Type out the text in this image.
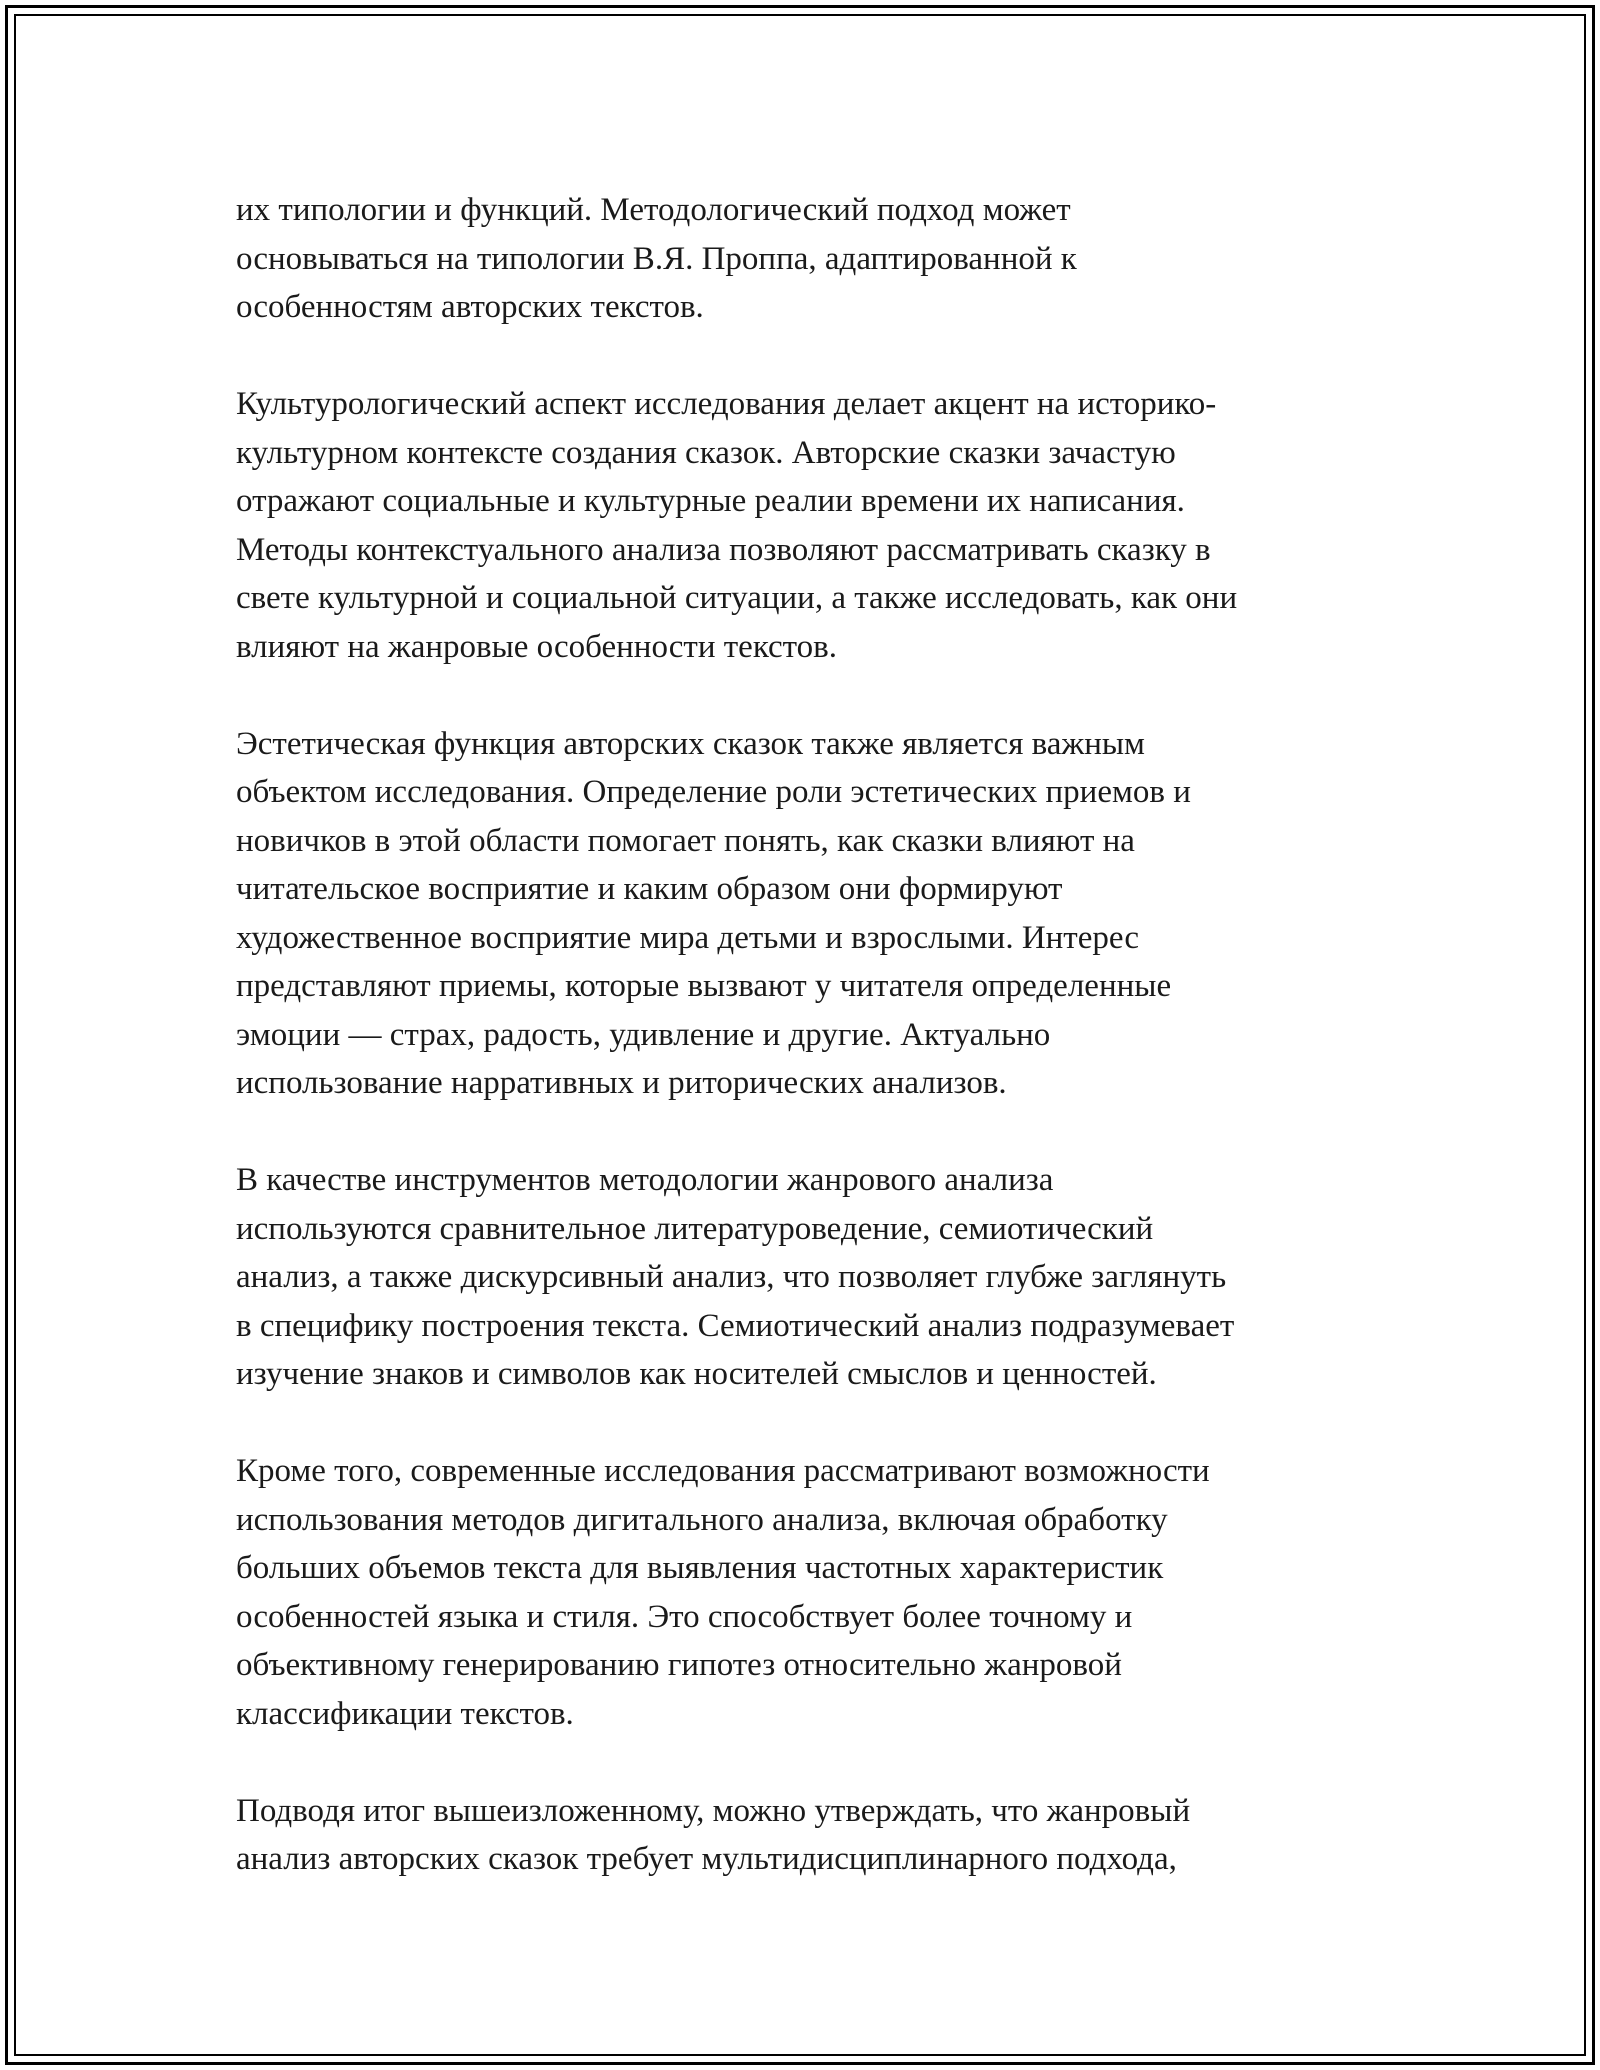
их типологии и функций. Методологический подход может
основываться на типологии В.Я. Проппа, адаптированной к
особенностям авторских текстов.
Культурологический аспект исследования делает акцент на историко-
культурном контексте создания сказок. Авторские сказки зачастую
отражают социальные и культурные реалии времени их написания.
Методы контекстуального анализа позволяют рассматривать сказку в
свете культурной и социальной ситуации, а также исследовать, как они
влияют на жанровые особенности текстов.
Эстетическая функция авторских сказок также является важным
объектом исследования. Определение роли эстетических приемов и
новичков в этой области помогает понять, как сказки влияют на
читательское восприятие и каким образом они формируют
художественное восприятие мира детьми и взрослыми. Интерес
представляют приемы, которые вызвают у читателя определенные
эмоции — страх, радость, удивление и другие. Актуально
использование нарративных и риторических анализов.
В качестве инструментов методологии жанрового анализа
используются сравнительное литературоведение, семиотический
анализ, а также дискурсивный анализ, что позволяет глубже заглянуть
в специфику построения текста. Семиотический анализ подразумевает
изучение знаков и символов как носителей смыслов и ценностей.
Кроме того, современные исследования рассматривают возможности
использования методов дигитального анализа, включая обработку
больших объемов текста для выявления частотных характеристик
особенностей языка и стиля. Это способствует более точному и
объективному генерированию гипотез относительно жанровой
классификации текстов.
Подводя итог вышеизложенному, можно утверждать, что жанровый
анализ авторских сказок требует мультидисциплинарного подхода,
